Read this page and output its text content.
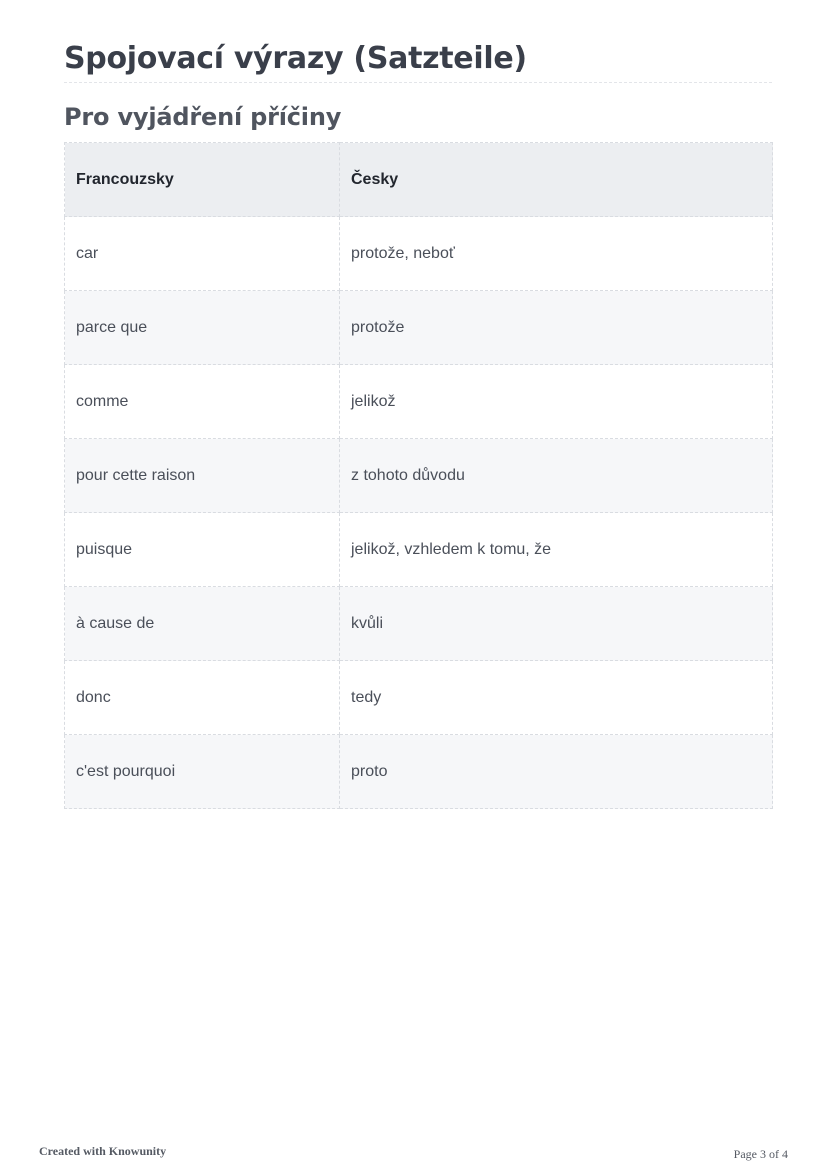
Spojovací výrazy (Satzteile)
Pro vyjádření příčiny
Francouzsky	Česky
car	protože, neboť
parce que	protože
comme	jelikož
pour cette raison	z tohoto důvodu
puisque	jelikož, vzhledem k tomu, že
à cause de	kvůli
donc	tedy
c'est pourquoi	proto
Created with Knowunity	Page 3 of 4
